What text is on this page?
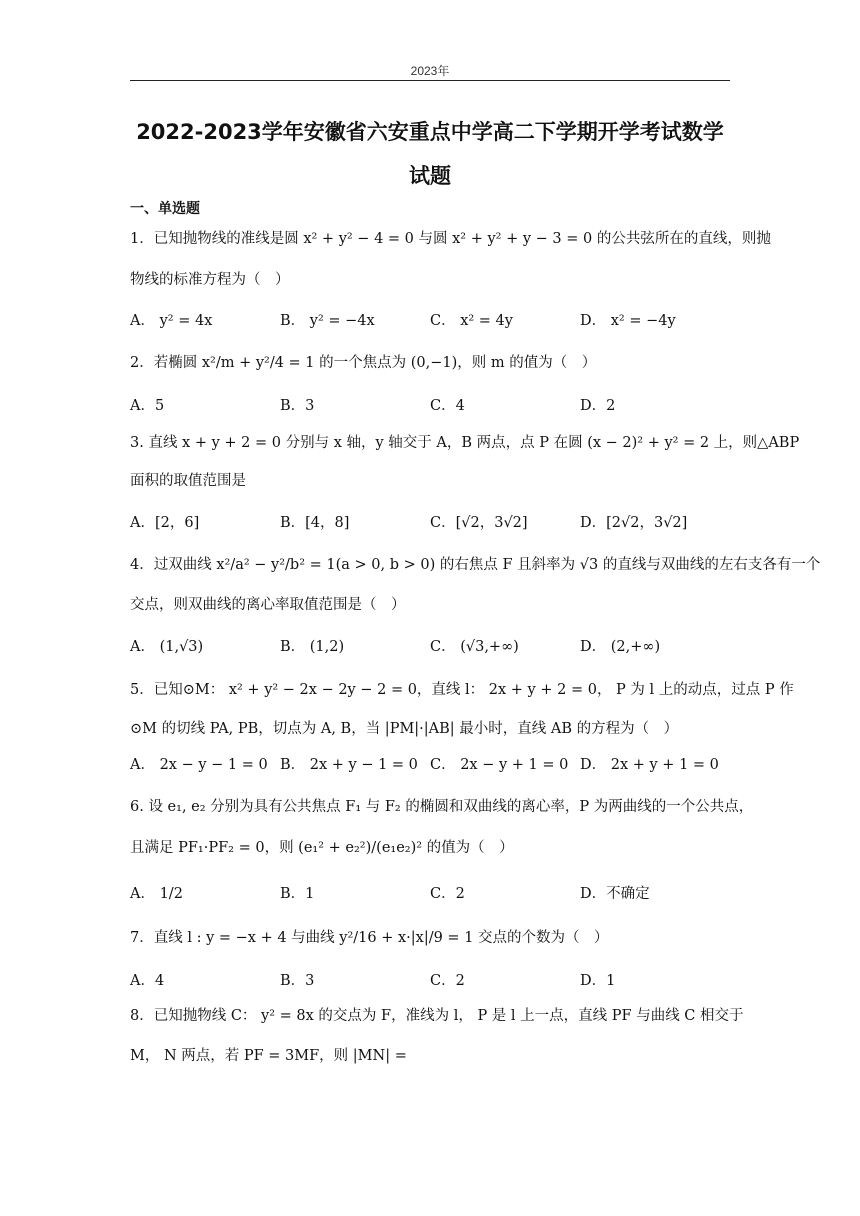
2023年
2022-2023学年安徽省六安重点中学高二下学期开学考试数学
试题
一、单选题
1．已知抛物线的准线是圆 x² + y² − 4 = 0 与圆 x² + y² + y − 3 = 0 的公共弦所在的直线，则抛
物线的标准方程为（　）
A． y² = 4x	B． y² = −4x	C． x² = 4y	D． x² = −4y
2．若椭圆 x²/m + y²/4 = 1 的一个焦点为 (0,−1)，则 m 的值为（　）
A．5	B．3	C．4	D．2
3. 直线 x + y + 2 = 0 分别与 x 轴，y 轴交于 A，B 两点，点 P 在圆 (x − 2)² + y² = 2 上，则△ABP
面积的取值范围是
A．[2，6]	B．[4，8]	C．[√2，3√2]	D．[2√2，3√2]
4．过双曲线 x²/a² − y²/b² = 1(a > 0, b > 0) 的右焦点 F 且斜率为 √3 的直线与双曲线的左右支各有一个
交点，则双曲线的离心率取值范围是（　）
A． (1,√3)	B． (1,2)	C． (√3,+∞)	D． (2,+∞)
5．已知⊙M： x² + y² − 2x − 2y − 2 = 0，直线 l： 2x + y + 2 = 0， P 为 l 上的动点，过点 P 作
⊙M 的切线 PA, PB，切点为 A, B，当 |PM|·|AB| 最小时，直线 AB 的方程为（　）
A． 2x − y − 1 = 0 B． 2x + y − 1 = 0 C． 2x − y + 1 = 0 D． 2x + y + 1 = 0
6. 设 e₁, e₂ 分别为具有公共焦点 F₁ 与 F₂ 的椭圆和双曲线的离心率，P 为两曲线的一个公共点，
且满足 PF₁·PF₂ = 0，则 (e₁² + e₂²)/(e₁e₂)² 的值为（　）
A． 1/2	B．1	C．2	D．不确定
7．直线 l : y = −x + 4 与曲线 y²/16 + x·|x|/9 = 1 交点的个数为（　）
A．4	B．3	C．2	D．1
8．已知抛物线 C： y² = 8x 的交点为 F，准线为 l， P 是 l 上一点，直线 PF 与曲线 C 相交于
M， N 两点，若 PF = 3MF，则 |MN| =
